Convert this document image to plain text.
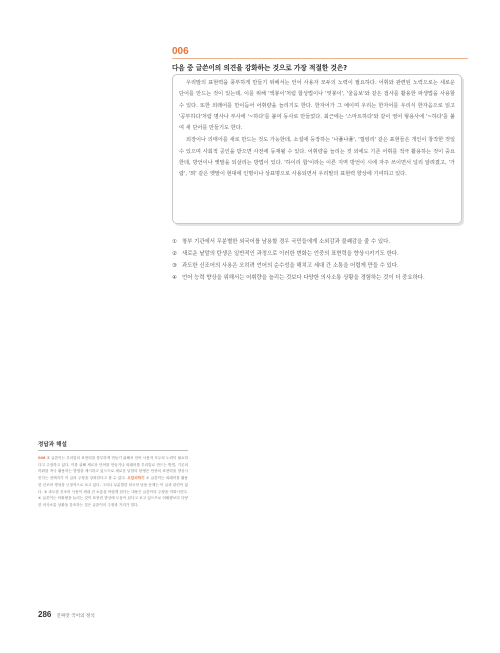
006
다음 중 글쓴이의 의견을 강화하는 것으로 가장 적절한 것은?

우리말의 표현력을 풍부하게 만들기 위해서는 언어 사용자 모두의 노력이 필요하다. 어휘와 관련된 노력으로는 새로운 단어를 만드는 것이 있는데, 이를 위해 '액봉이'처럼 합성법이나 '엿봉이', '울음보'와 같은 접사를 활용한 파생법을 사용할 수 있다. 또한 외래어를 만이듬어 어휘량을 늘리기도 한다. 한자어가 그 예이며 우리는 한자어를 우리식 한자음으로 읽고 '공부하다'처럼 명사나 부사에 '~하다'를 붙여 동사로 만들었다. 최근에는 '스마트하다'와 같이 영어 형용사에 '~하다'를 붙여 새 단어를 만들기도 한다.

외장이나 의태어를 새로 만드는 것도 가능한데, 소설에 등장하는 '나풀나풀', '껄렁리' 같은 표현들은 개인이 창작한 것일 수 있으며 사회적 공인을 받으면 사전에 등재될 수 있다. 어휘량을 늘리는 것 외에도 기존 어휘를 적극 활용하는 것이 중요한데, 방언이나 옛말을 되살리는 방법이 있다. '하이리 합'이라는 이른 지역 방언이 시에 자주 쓰이면서 널리 알려졌고, '가람', '뫼' 같은 옛말이 현대에 인명이나 상표명으로 사용되면서 우리말의 표현력 향상에 기여하고 있다.

① 창부 기관에서 무분별한 외국어를 남용할 경우 국민들에게 소외감과 불쾌감을 줄 수 있다.
② 새로운 낱말의 탄생은 일반적인 과정으로 이러한 변화는 언중의 표현력을 향상시키기도 한다.
③ 과도한 신조어의 사용은 오히려 언어의 순수성을 해치고 세대 간 소통을 어렵게 만들 수 있다.
④ 언어 능력 향상을 위해서는 어휘량을 늘리는 것보다 다양한 의사소통 상황을 경험하는 것이 더 중요하다.
정답과 해설
006 ② 글쓴이는 우리말의 표현력을 풍부하게 만들기 위해서 언어 사용자 모두의 노력이 필요하다고 주장하고 있다. 이를 위해 새로운 단어를 만들거나 외래어를 우리말로 만드는 방법, 기존의 어휘를 적극 활용하는 방법을 제시하고 있으므로 새로운 낱말의 탄생은 언중의 표현력을 향상시킨다는 선택지가 이 글의 주장을 강화한다고 볼 수 있다. 오답피하기 ① 글쓴이는 외래어를 활용한 신조어 생성을 긍정적으로 보고 있다. 그러나 무분별한 외국어 남용 문제는 이 글과 관련이 없다. ③ 과도한 신조어 사용이 세대 간 소통을 어렵게 한다는 내용은 글쓴이의 주장을 약화시킨다. ④ 글쓴이는 어휘량을 늘리는 것이 표현력 향상에 도움이 된다고 보고 있으므로 어휘량보다 다양한 의사소통 상황을 강조하는 것은 글쓴이의 주장과 거리가 멀다.
286 진짜맛 국어의 정석
